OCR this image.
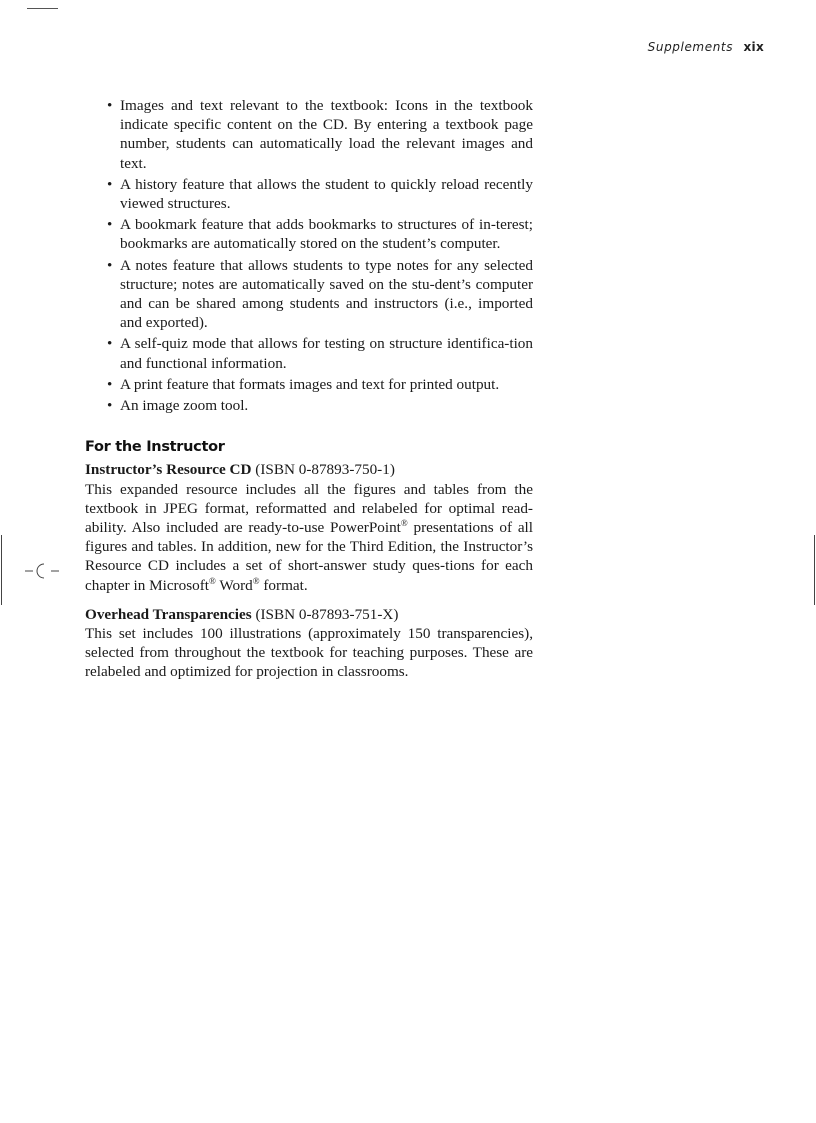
Supplements xix
• Images and text relevant to the textbook: Icons in the textbook indicate specific content on the CD. By entering a textbook page number, students can automatically load the relevant images and text.
• A history feature that allows the student to quickly reload recently viewed structures.
• A bookmark feature that adds bookmarks to structures of in-terest; bookmarks are automatically stored on the student’s computer.
• A notes feature that allows students to type notes for any selected structure; notes are automatically saved on the stu-dent’s computer and can be shared among students and instructors (i.e., imported and exported).
• A self-quiz mode that allows for testing on structure identifica-tion and functional information.
• A print feature that formats images and text for printed output.
• An image zoom tool.
For the Instructor
Instructor’s Resource CD (ISBN 0-87893-750-1)

This expanded resource includes all the figures and tables from the textbook in JPEG format, reformatted and relabeled for optimal read-ability. Also included are ready-to-use PowerPoint® presentations of all figures and tables. In addition, new for the Third Edition, the Instructor’s Resource CD includes a set of short-answer study ques-tions for each chapter in Microsoft® Word® format.

Overhead Transparencies (ISBN 0-87893-751-X)

This set includes 100 illustrations (approximately 150 transparencies), selected from throughout the textbook for teaching purposes. These are relabeled and optimized for projection in classrooms.
